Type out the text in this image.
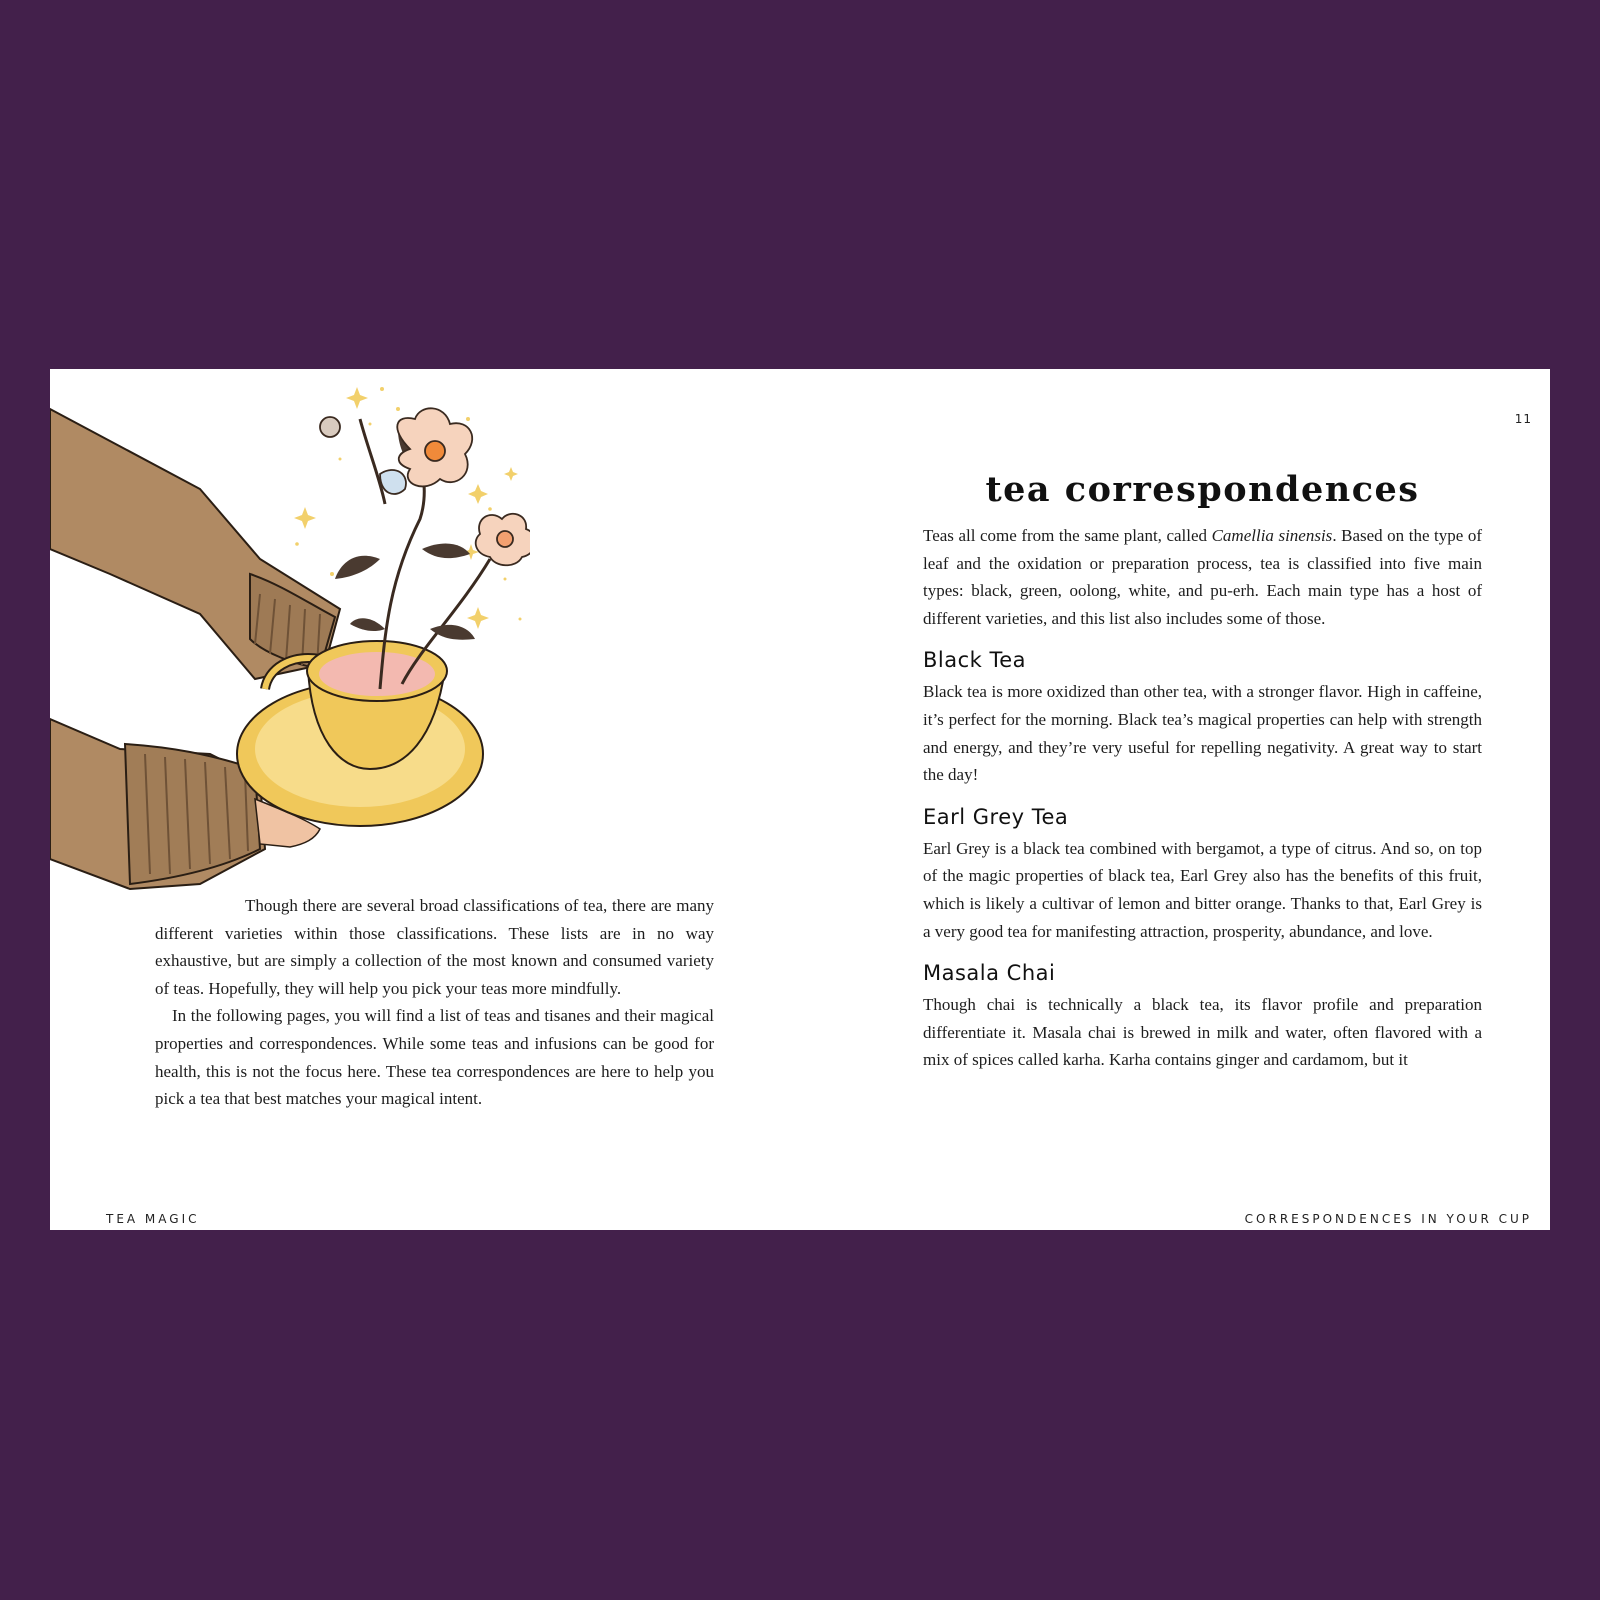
11

Though there are several broad classifications of tea, there are many different varieties within those classifications. These lists are in no way exhaustive, but are simply a collection of the most known and consumed variety of teas. Hopefully, they will help you pick your teas more mindfully.

In the following pages, you will find a list of teas and tisanes and their magical properties and correspondences. While some teas and infusions can be good for health, this is not the focus here. These tea correspondences are here to help you pick a tea that best matches your magical intent.

tea correspondences

Teas all come from the same plant, called Camellia sinensis. Based on the type of leaf and the oxidation or preparation process, tea is classified into five main types: black, green, oolong, white, and pu-erh. Each main type has a host of different varieties, and this list also includes some of those.

Black Tea

Black tea is more oxidized than other tea, with a stronger flavor. High in caffeine, it’s perfect for the morning. Black tea’s magical properties can help with strength and energy, and they’re very useful for repelling negativity. A great way to start the day!

Earl Grey Tea

Earl Grey is a black tea combined with bergamot, a type of citrus. And so, on top of the magic properties of black tea, Earl Grey also has the benefits of this fruit, which is likely a cultivar of lemon and bitter orange. Thanks to that, Earl Grey is a very good tea for manifesting attraction, prosperity, abundance, and love.

Masala Chai

Though chai is technically a black tea, its flavor profile and preparation differentiate it. Masala chai is brewed in milk and water, often flavored with a mix of spices called karha. Karha contains ginger and cardamom, but it

TEA MAGIC	CORRESPONDENCES IN YOUR CUP
